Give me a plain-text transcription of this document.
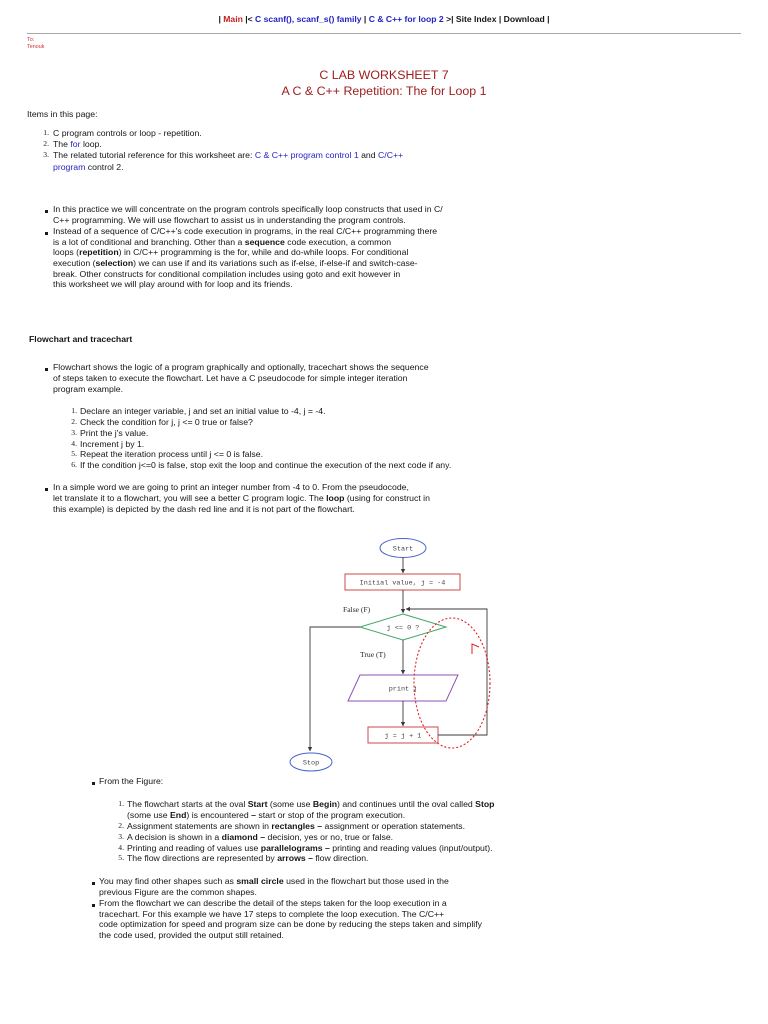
| Main |< C scanf(), scanf_s() family | C & C++ for loop 2 >| Site Index | Download |
To:
Tenouk
C LAB WORKSHEET 7
A C & C++ Repetition: The for Loop 1
Items in this page:
1. C program controls or loop - repetition.
2. The for loop.
3. The related tutorial reference for this worksheet are: C & C++ program control 1 and C/C++
program control 2.
In this practice we will concentrate on the program controls specifically loop constructs that used in C/
C++ programming. We will use flowchart to assist us in understanding the program controls.
Instead of a sequence of C/C++'s code execution in programs, in the real C/C++ programming there
is a lot of conditional and branching. Other than a sequence code execution, a common
loops (repetition) in C/C++ programming is the for, while and do-while loops. For conditional
execution (selection) we can use if and its variations such as if-else, if-else-if and switch-case-
break. Other constructs for conditional compilation includes using goto and exit however in
this worksheet we will play around with for loop and its friends.
Flowchart and tracechart
Flowchart shows the logic of a program graphically and optionally, tracechart shows the sequence
of steps taken to execute the flowchart. Let have a C pseudocode for simple integer iteration
program example.
1. Declare an integer variable, j and set an initial value to -4, j = -4.
2. Check the condition for j, j <= 0 true or false?
3. Print the j's value.
4. Increment j by 1.
5. Repeat the iteration process until j <= 0 is false.
6. If the condition j<=0 is false, stop exit the loop and continue the execution of the next code if any.
In a simple word we are going to print an integer number from -4 to 0. From the pseudocode,
let translate it to a flowchart, you will see a better C program logic. The loop (using for construct in
this example) is depicted by the dash red line and it is not part of the flowchart.
Start
Initial value, j = -4
False (F)
j <= 0 ?
True (T)
print j
j = j + 1
Stop
From the Figure:
1. The flowchart starts at the oval Start (some use Begin) and continues until the oval called Stop
(some use End) is encountered – start or stop of the program execution.
2. Assignment statements are shown in rectangles – assignment or operation statements.
3. A decision is shown in a diamond – decision, yes or no, true or false.
4. Printing and reading of values use parallelograms – printing and reading values (input/output).
5. The flow directions are represented by arrows – flow direction.
You may find other shapes such as small circle used in the flowchart but those used in the
previous Figure are the common shapes.
From the flowchart we can describe the detail of the steps taken for the loop execution in a
tracechart. For this example we have 17 steps to complete the loop execution. The C/C++
code optimization for speed and program size can be done by reducing the steps taken and simplify
the code used, provided the output still retained.
